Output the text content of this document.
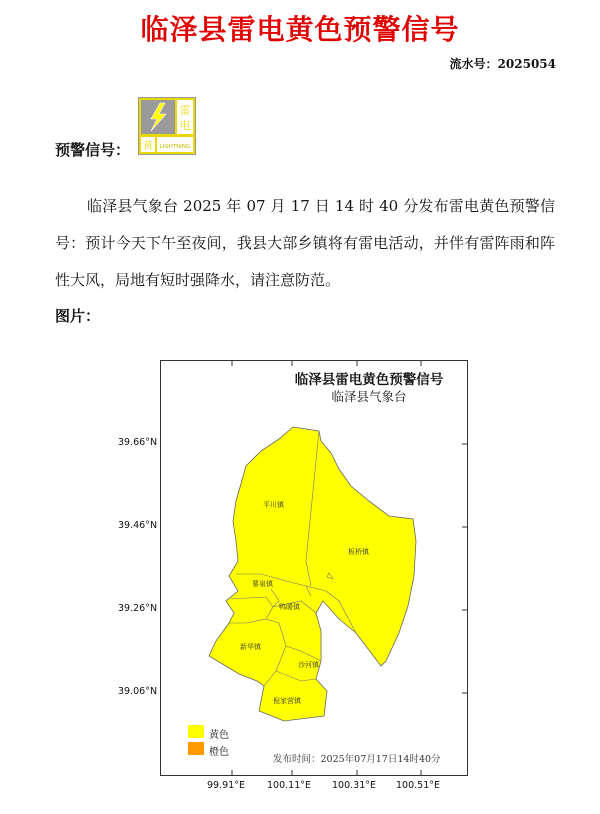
临泽县雷电黄色预警信号
流水号：2025054
预警信号：
雷
电
黄 LIGHTNING
临泽县气象台 2025 年 07 月 17 日 14 时 40 分发布雷电黄色预警信号：预计今天下午至夜间，我县大部乡镇将有雷电活动，并伴有雷阵雨和阵性大风，局地有短时强降水，请注意防范。
图片：
平川镇
板桥镇
蓼泉镇
鸭暖镇
新华镇
沙河镇
倪家营镇
临泽县雷电黄色预警信号
临泽县气象台
黄色
橙色
发布时间：2025年07月17日14时40分
39.66°N
39.46°N
39.26°N
39.06°N
99.91°E 100.11°E 100.31°E 100.51°E
